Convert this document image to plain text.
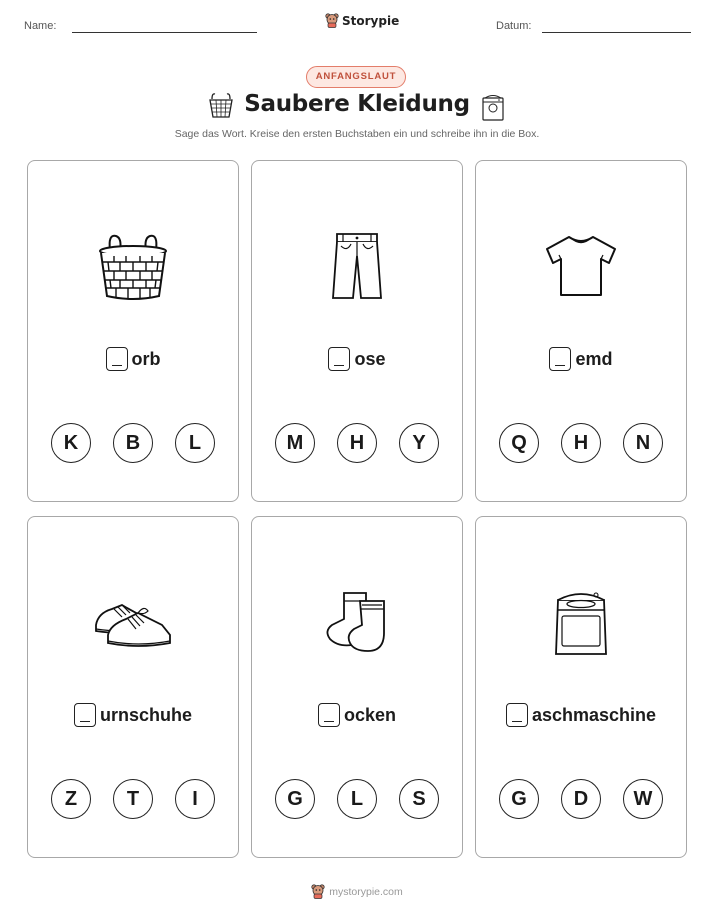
Name:	Storypie	Datum:
ANFANGSLAUT
Saubere Kleidung
Sage das Wort. Kreise den ersten Buchstaben ein und schreibe ihn in die Box.
orb
K	B	L
ose
M	H	Y
emd
Q	H	N
urnschuhe
Z	T	I
ocken
G	L	S
aschmaschine
G	D	W
mystorypie.com
